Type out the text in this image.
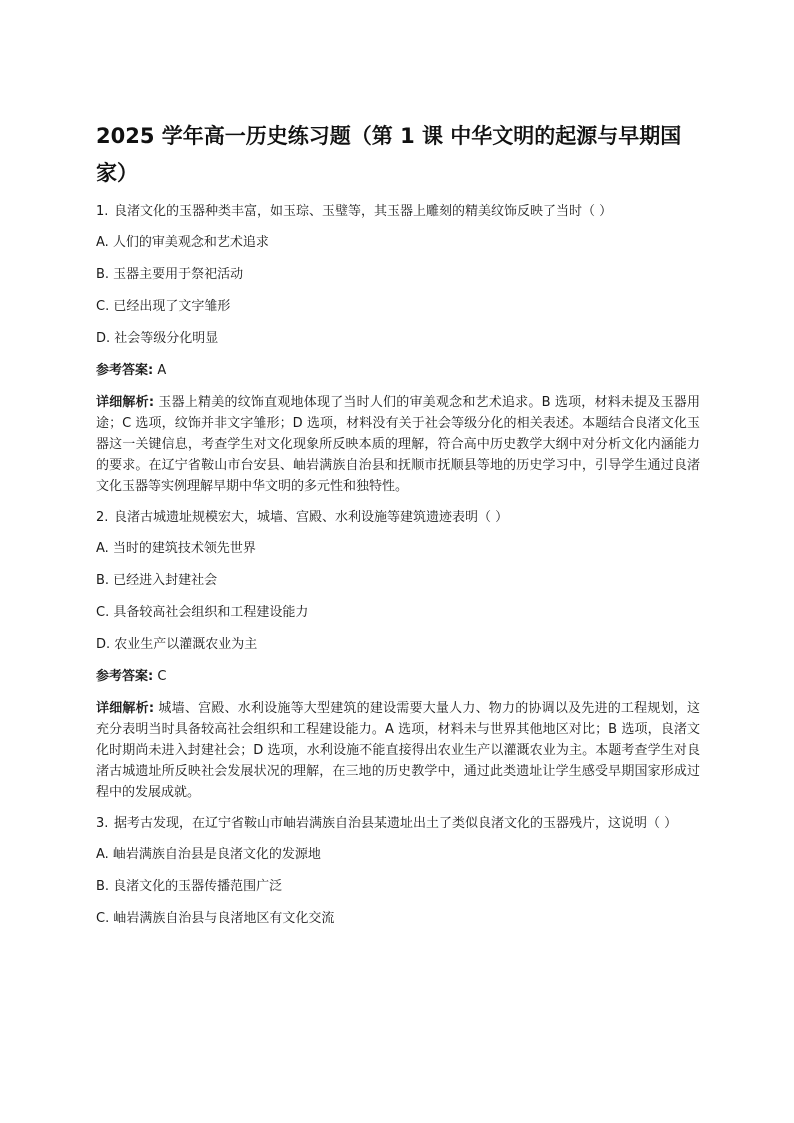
2025 学年高一历史练习题（第 1 课 中华文明的起源与早期国家）
1. 良渚文化的玉器种类丰富，如玉琮、玉璧等，其玉器上雕刻的精美纹饰反映了当时（ ）
A. 人们的审美观念和艺术追求
B. 玉器主要用于祭祀活动
C. 已经出现了文字雏形
D. 社会等级分化明显
参考答案: A
详细解析: 玉器上精美的纹饰直观地体现了当时人们的审美观念和艺术追求。B 选项，材料未提及玉器用途；C 选项，纹饰并非文字雏形；D 选项，材料没有关于社会等级分化的相关表述。本题结合良渚文化玉器这一关键信息，考查学生对文化现象所反映本质的理解，符合高中历史教学大纲中对分析文化内涵能力的要求。在辽宁省鞍山市台安县、岫岩满族自治县和抚顺市抚顺县等地的历史学习中，引导学生通过良渚文化玉器等实例理解早期中华文明的多元性和独特性。
2. 良渚古城遗址规模宏大，城墙、宫殿、水利设施等建筑遗迹表明（ ）
A. 当时的建筑技术领先世界
B. 已经进入封建社会
C. 具备较高社会组织和工程建设能力
D. 农业生产以灌溉农业为主
参考答案: C
详细解析: 城墙、宫殿、水利设施等大型建筑的建设需要大量人力、物力的协调以及先进的工程规划，这充分表明当时具备较高社会组织和工程建设能力。A 选项，材料未与世界其他地区对比；B 选项，良渚文化时期尚未进入封建社会；D 选项，水利设施不能直接得出农业生产以灌溉农业为主。本题考查学生对良渚古城遗址所反映社会发展状况的理解，在三地的历史教学中，通过此类遗址让学生感受早期国家形成过程中的发展成就。
3. 据考古发现，在辽宁省鞍山市岫岩满族自治县某遗址出土了类似良渚文化的玉器残片，这说明（ ）
A. 岫岩满族自治县是良渚文化的发源地
B. 良渚文化的玉器传播范围广泛
C. 岫岩满族自治县与良渚地区有文化交流
